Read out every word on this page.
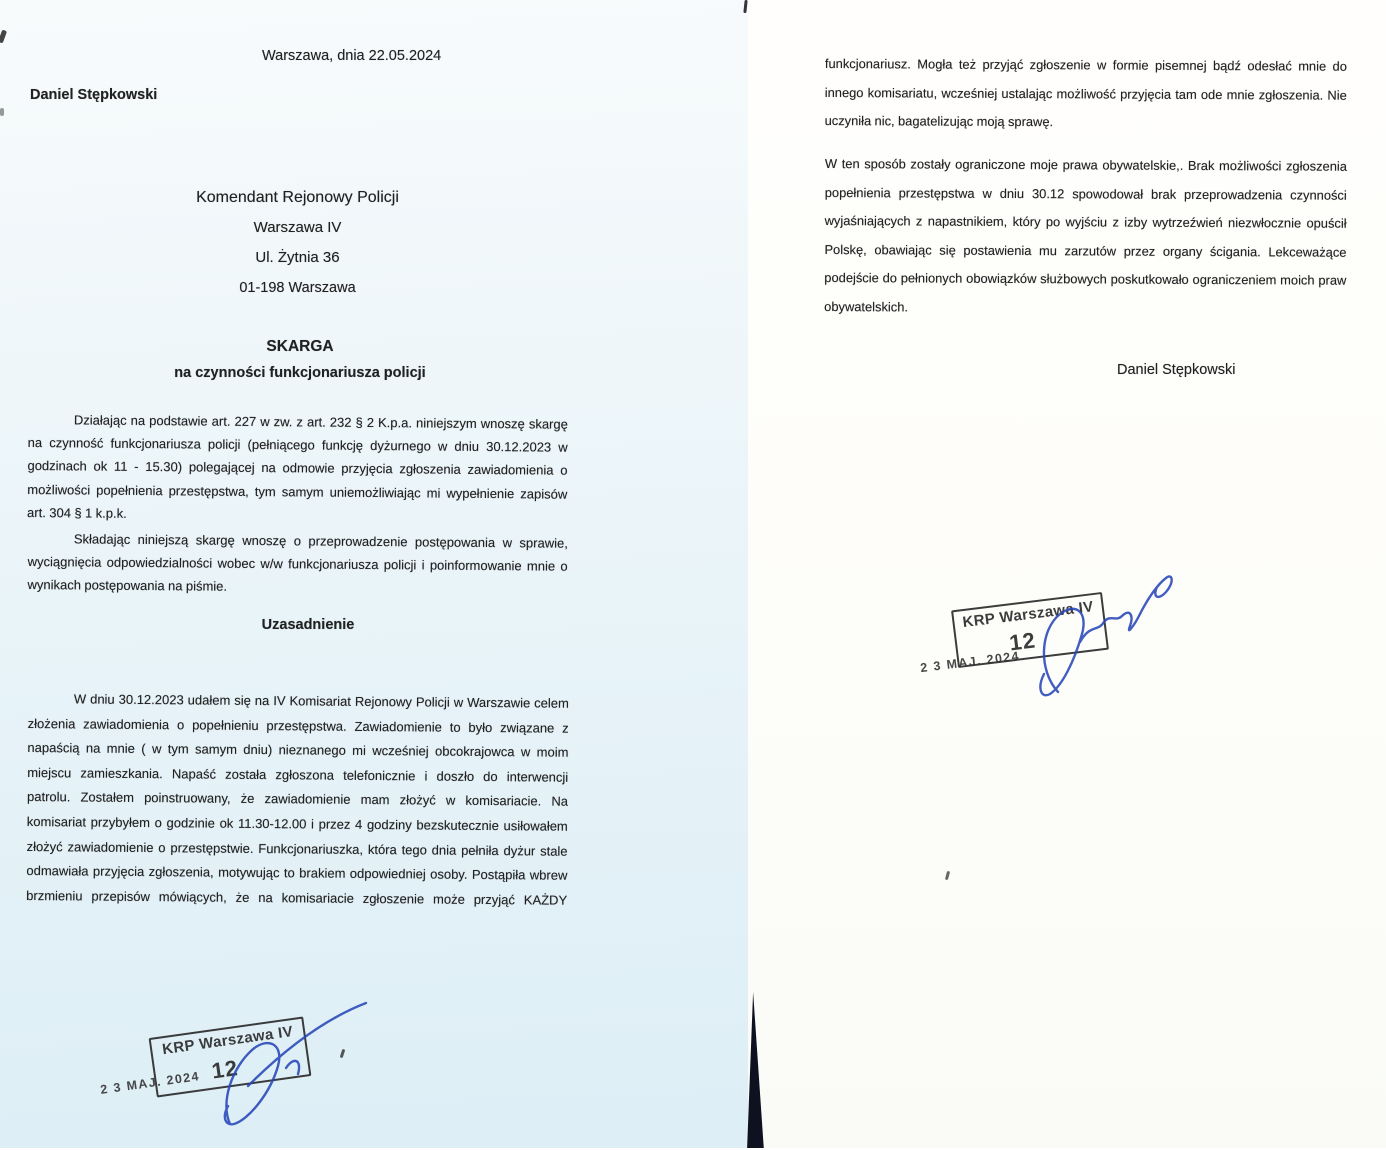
Warszawa, dnia 22.05.2024
Daniel Stępkowski
Komendant Rejonowy Policji
Warszawa IV
Ul. Żytnia 36
01-198 Warszawa
SKARGA
na czynności funkcjonariusza policji
Działając na podstawie art. 227 w zw. z art. 232 § 2 K.p.a. niniejszym wnoszę skargę
na czynność funkcjonariusza policji (pełniącego funkcję dyżurnego w dniu 30.12.2023 w
godzinach ok 11 - 15.30) polegającej na odmowie przyjęcia zgłoszenia zawiadomienia o
możliwości popełnienia przestępstwa, tym samym uniemożliwiając mi wypełnienie zapisów
art. 304 § 1 k.p.k.
Składając niniejszą skargę wnoszę o przeprowadzenie postępowania w sprawie,
wyciągnięcia odpowiedzialności wobec w/w funkcjonariusza policji i poinformowanie mnie o
wynikach postępowania na piśmie.
Uzasadnienie
W dniu 30.12.2023 udałem się na IV Komisariat Rejonowy Policji w Warszawie celem
złożenia zawiadomienia o popełnieniu przestępstwa. Zawiadomienie to było związane z
napaścią na mnie ( w tym samym dniu) nieznanego mi wcześniej obcokrajowca w moim
miejscu zamieszkania. Napaść została zgłoszona telefonicznie i doszło do interwencji
patrolu. Zostałem poinstruowany, że zawiadomienie mam złożyć w komisariacie. Na
komisariat przybyłem o godzinie ok 11.30-12.00 i przez 4 godziny bezskutecznie usiłowałem
złożyć zawiadomienie o przestępstwie. Funkcjonariuszka, która tego dnia pełniła dyżur stale
odmawiała przyjęcia zgłoszenia, motywując to brakiem odpowiedniej osoby. Postąpiła wbrew
brzmieniu przepisów mówiących, że na komisariacie zgłoszenie może przyjąć KAŻDY
KRP Warszawa IV
12
2 3 MAJ. 2024
funkcjonariusz. Mogła też przyjąć zgłoszenie w formie pisemnej bądź odesłać mnie do
innego komisariatu, wcześniej ustalając możliwość przyjęcia tam ode mnie zgłoszenia. Nie
uczyniła nic, bagatelizując moją sprawę.
W ten sposób zostały ograniczone moje prawa obywatelskie,. Brak możliwości zgłoszenia
popełnienia przestępstwa w dniu 30.12 spowodował brak przeprowadzenia czynności
wyjaśniających z napastnikiem, który po wyjściu z izby wytrzeźwień niezwłocznie opuścił
Polskę, obawiając się postawienia mu zarzutów przez organy ścigania. Lekceważące
podejście do pełnionych obowiązków służbowych poskutkowało ograniczeniem moich praw
obywatelskich.
Daniel Stępkowski
KRP Warszawa IV
12
2 3 MAJ. 2024
